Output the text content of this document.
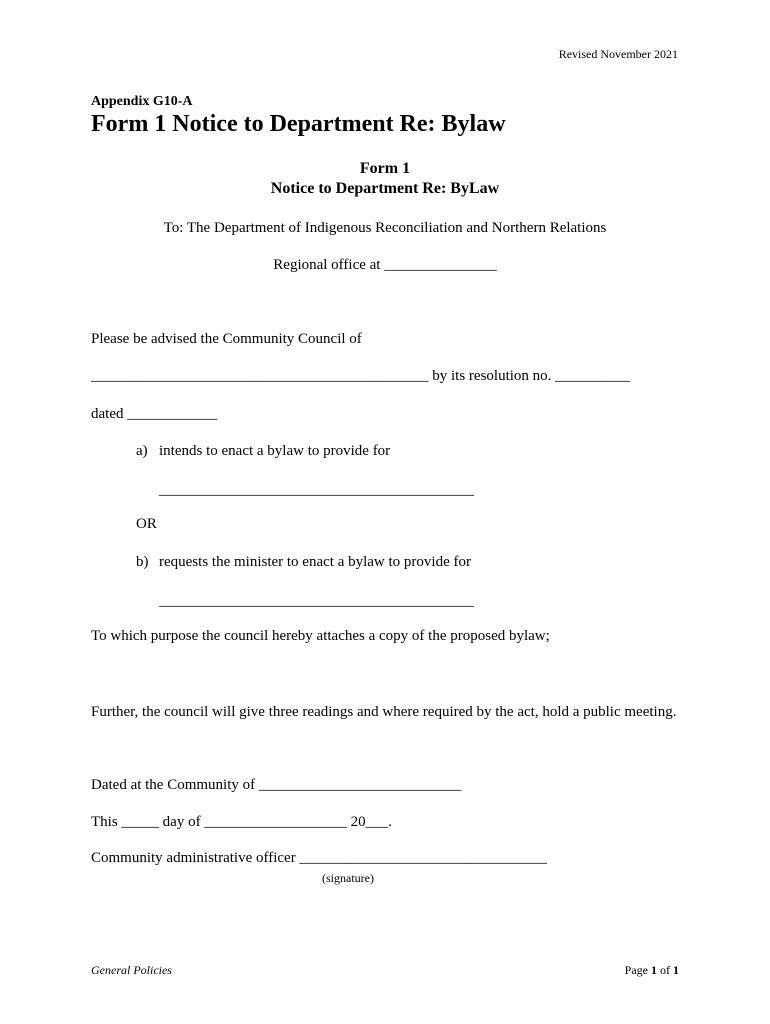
Revised November 2021
Appendix G10-A
Form 1 Notice to Department Re: Bylaw
Form 1
Notice to Department Re: ByLaw
To: The Department of Indigenous Reconciliation and Northern Relations
Regional office at _______________
Please be advised the Community Council of
_____________________________________________ by its resolution no. __________
dated ____________
a) intends to enact a bylaw to provide for
__________________________________________
OR
b) requests the minister to enact a bylaw to provide for
__________________________________________
To which purpose the council hereby attaches a copy of the proposed bylaw;
Further, the council will give three readings and where required by the act, hold a public meeting.
Dated at the Community of ___________________________
This _____ day of ___________________ 20___.
Community administrative officer _________________________________
(signature)
General Policies	Page 1 of 1
